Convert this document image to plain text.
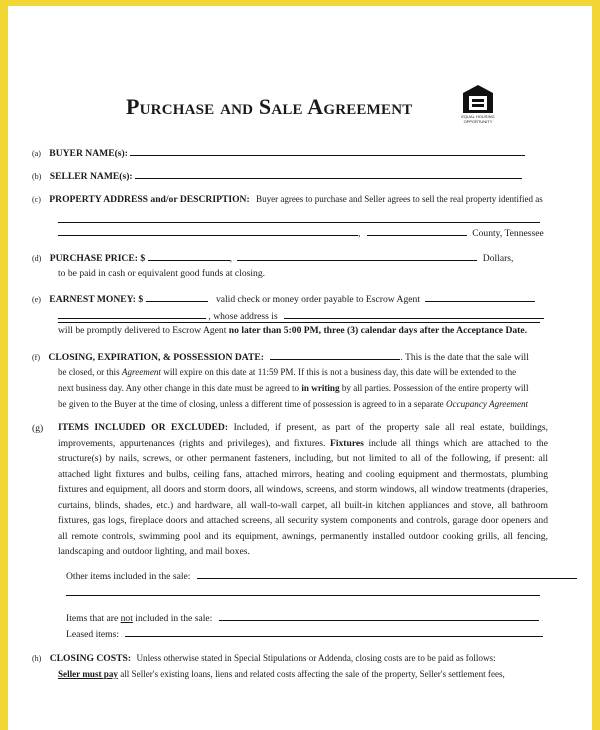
Purchase and Sale Agreement	EQUAL HOUSING
OPPORTUNITY
(a) BUYER NAME(s):
(b) SELLER NAME(s):
(c) PROPERTY ADDRESS and/or DESCRIPTION: Buyer agrees to purchase and Seller agrees to sell the real property identified as
,	County, Tennessee
(d) PURCHASE PRICE: $	,	Dollars,
to be paid in cash or equivalent good funds at closing.
(e) EARNEST MONEY: $	valid check or money order payable to Escrow Agent
, whose address is
will be promptly delivered to Escrow Agent no later than 5:00 PM, three (3) calendar days after the Acceptance Date.
(f) CLOSING, EXPIRATION, & POSSESSION DATE:	. This is the date that the sale will
be closed, or this Agreement will expire on this date at 11:59 PM. If this is not a business day, this date will be extended to the
next business day. Any other change in this date must be agreed to in writing by all parties. Possession of the entire property will
be given to the Buyer at the time of closing, unless a different time of possession is agreed to in a separate Occupancy Agreement
(g) ITEMS INCLUDED OR EXCLUDED: Included, if present, as part of the property sale all real estate, buildings, improvements, appurtenances (rights and privileges), and fixtures. Fixtures include all things which are attached to the structure(s) by nails, screws, or other permanent fasteners, including, but not limited to all of the following, if present: all attached light fixtures and bulbs, ceiling fans, attached mirrors, heating and cooling equipment and thermostats, plumbing fixtures and equipment, all doors and storm doors, all windows, screens, and storm windows, all window treatments (draperies, curtains, blinds, shades, etc.) and hardware, all wall-to-wall carpet, all built-in kitchen appliances and stove, all bathroom fixtures, gas logs, fireplace doors and attached screens, all security system components and controls, garage door openers and all remote controls, swimming pool and its equipment, awnings, permanently installed outdoor cooking grills, all fencing, landscaping and outdoor lighting, and mail boxes.
Other items included in the sale:
Items that are not included in the sale:
Leased items:
(h) CLOSING COSTS: Unless otherwise stated in Special Stipulations or Addenda, closing costs are to be paid as follows:
Seller must pay all Seller's existing loans, liens and related costs affecting the sale of the property, Seller's settlement fees,
